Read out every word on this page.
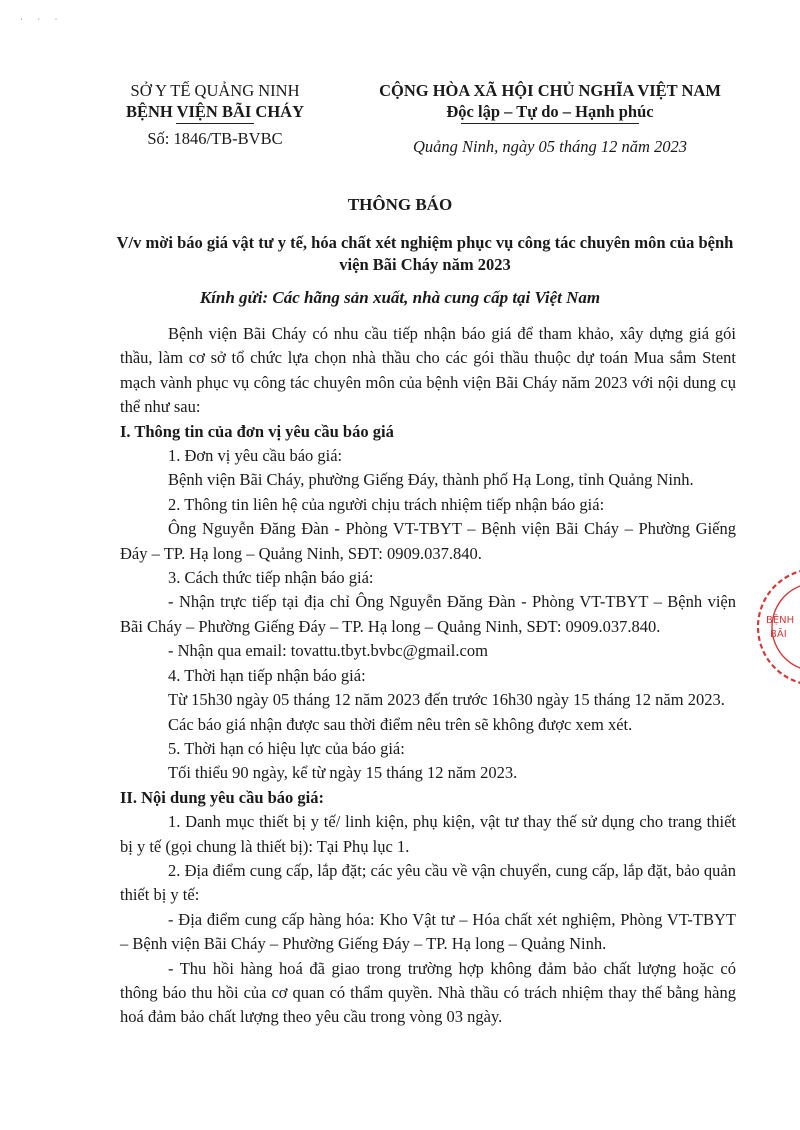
· · ·
SỞ Y TẾ QUẢNG NINH
BỆNH VIỆN BÃI CHÁY
Số: 1846/TB-BVBC
CỘNG HÒA XÃ HỘI CHỦ NGHĨA VIỆT NAM
Độc lập – Tự do – Hạnh phúc
Quảng Ninh, ngày 05 tháng 12 năm 2023
THÔNG BÁO
V/v mời báo giá vật tư y tế, hóa chất xét nghiệm phục vụ công tác chuyên môn của bệnh viện Bãi Cháy năm 2023
Kính gửi: Các hãng sản xuất, nhà cung cấp tại Việt Nam
Bệnh viện Bãi Cháy có nhu cầu tiếp nhận báo giá để tham khảo, xây dựng giá gói thầu, làm cơ sở tổ chức lựa chọn nhà thầu cho các gói thầu thuộc dự toán Mua sắm Stent mạch vành phục vụ công tác chuyên môn của bệnh viện Bãi Cháy năm 2023 với nội dung cụ thể như sau:
I. Thông tin của đơn vị yêu cầu báo giá
1. Đơn vị yêu cầu báo giá:
Bệnh viện Bãi Cháy, phường Giếng Đáy, thành phố Hạ Long, tỉnh Quảng Ninh.
2. Thông tin liên hệ của người chịu trách nhiệm tiếp nhận báo giá:
Ông Nguyễn Đăng Đàn - Phòng VT-TBYT – Bệnh viện Bãi Cháy – Phường Giếng Đáy – TP. Hạ long – Quảng Ninh, SĐT: 0909.037.840.
3. Cách thức tiếp nhận báo giá:
- Nhận trực tiếp tại địa chỉ Ông Nguyễn Đăng Đàn - Phòng VT-TBYT – Bệnh viện Bãi Cháy – Phường Giếng Đáy – TP. Hạ long – Quảng Ninh, SĐT: 0909.037.840.
- Nhận qua email: tovattu.tbyt.bvbc@gmail.com
4. Thời hạn tiếp nhận báo giá:
Từ 15h30 ngày 05 tháng 12 năm 2023 đến trước 16h30 ngày 15 tháng 12 năm 2023.
Các báo giá nhận được sau thời điểm nêu trên sẽ không được xem xét.
5. Thời hạn có hiệu lực của báo giá:
Tối thiểu 90 ngày, kể từ ngày 15 tháng 12 năm 2023.
II. Nội dung yêu cầu báo giá:
1. Danh mục thiết bị y tế/ linh kiện, phụ kiện, vật tư thay thế sử dụng cho trang thiết bị y tế (gọi chung là thiết bị): Tại Phụ lục 1.
2. Địa điểm cung cấp, lắp đặt; các yêu cầu về vận chuyển, cung cấp, lắp đặt, bảo quản thiết bị y tế:
- Địa điểm cung cấp hàng hóa: Kho Vật tư – Hóa chất xét nghiệm, Phòng VT-TBYT – Bệnh viện Bãi Cháy – Phường Giếng Đáy – TP. Hạ long – Quảng Ninh.
- Thu hồi hàng hoá đã giao trong trường hợp không đảm bảo chất lượng hoặc có thông báo thu hồi của cơ quan có thẩm quyền. Nhà thầu có trách nhiệm thay thế bằng hàng hoá đảm bảo chất lượng theo yêu cầu trong vòng 03 ngày.
BỆNH
BÃI
